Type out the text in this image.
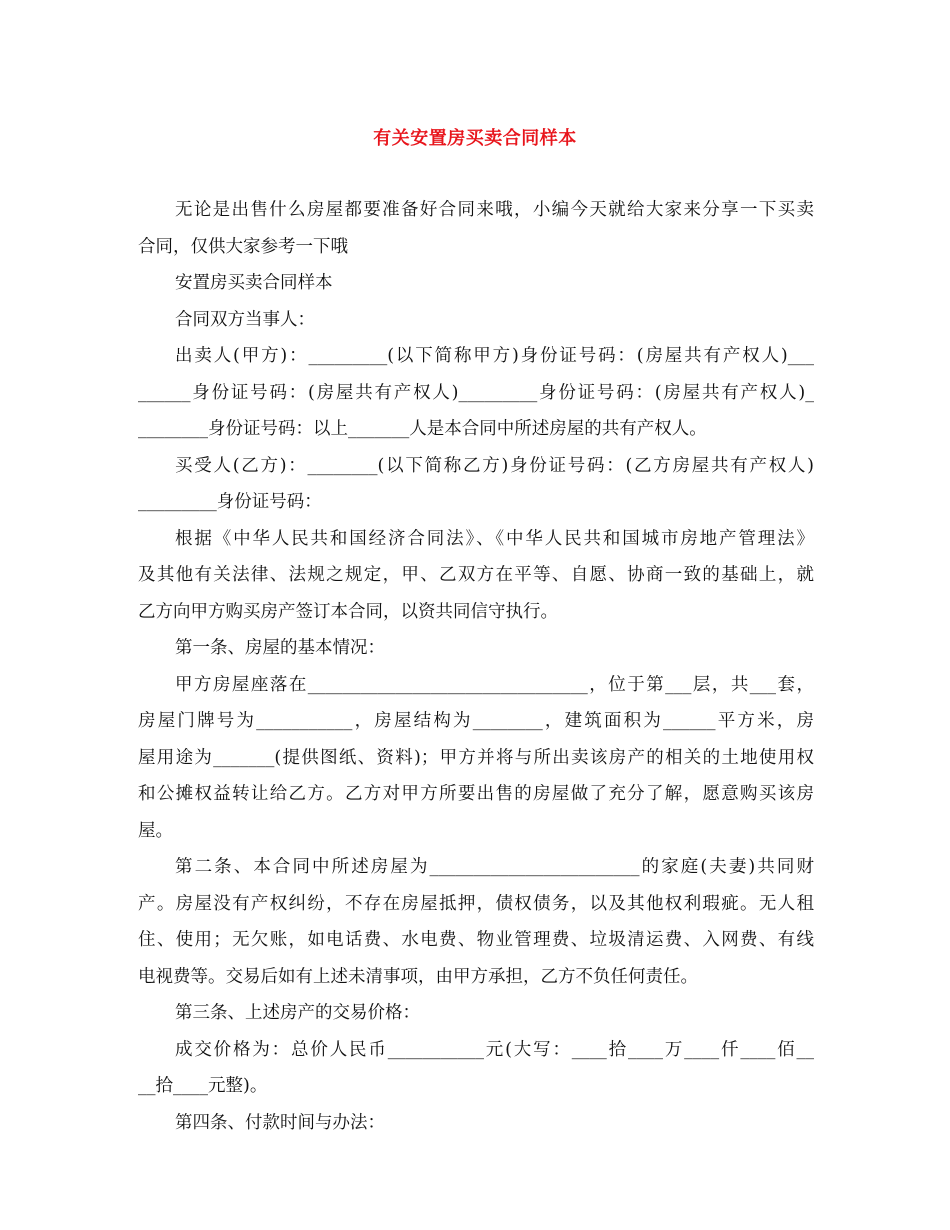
有关安置房买卖合同样本
无论是出售什么房屋都要准备好合同来哦，小编今天就给大家来分享一下买卖
合同，仅供大家参考一下哦
安置房买卖合同样本
合同双方当事人：
出卖人(甲方)：_________(以下简称甲方)身份证号码：(房屋共有产权人)___
______身份证号码：(房屋共有产权人)_________身份证号码：(房屋共有产权人)_
________身份证号码：以上_______人是本合同中所述房屋的共有产权人。
买受人(乙方)：________(以下简称乙方)身份证号码：(乙方房屋共有产权人)
_________身份证号码：
根据《中华人民共和国经济合同法》、《中华人民共和国城市房地产管理法》
及其他有关法律、法规之规定，甲、乙双方在平等、自愿、协商一致的基础上，就
乙方向甲方购买房产签订本合同，以资共同信守执行。
第一条、房屋的基本情况：
甲方房屋座落在________________________________，位于第___层，共___套，
房屋门牌号为___________，房屋结构为________，建筑面积为______平方米，房
屋用途为_______(提供图纸、资料)；甲方并将与所出卖该房产的相关的土地使用权
和公摊权益转让给乙方。乙方对甲方所要出售的房屋做了充分了解，愿意购买该房
屋。
第二条、本合同中所述房屋为________________________的家庭(夫妻)共同财
产。房屋没有产权纠纷，不存在房屋抵押，债权债务，以及其他权利瑕疵。无人租
住、使用；无欠账，如电话费、水电费、物业管理费、垃圾清运费、入网费、有线
电视费等。交易后如有上述未清事项，由甲方承担，乙方不负任何责任。
第三条、上述房产的交易价格：
成交价格为：总价人民币___________元(大写：____拾____万____仟____佰__
__拾____元整)。
第四条、付款时间与办法：
